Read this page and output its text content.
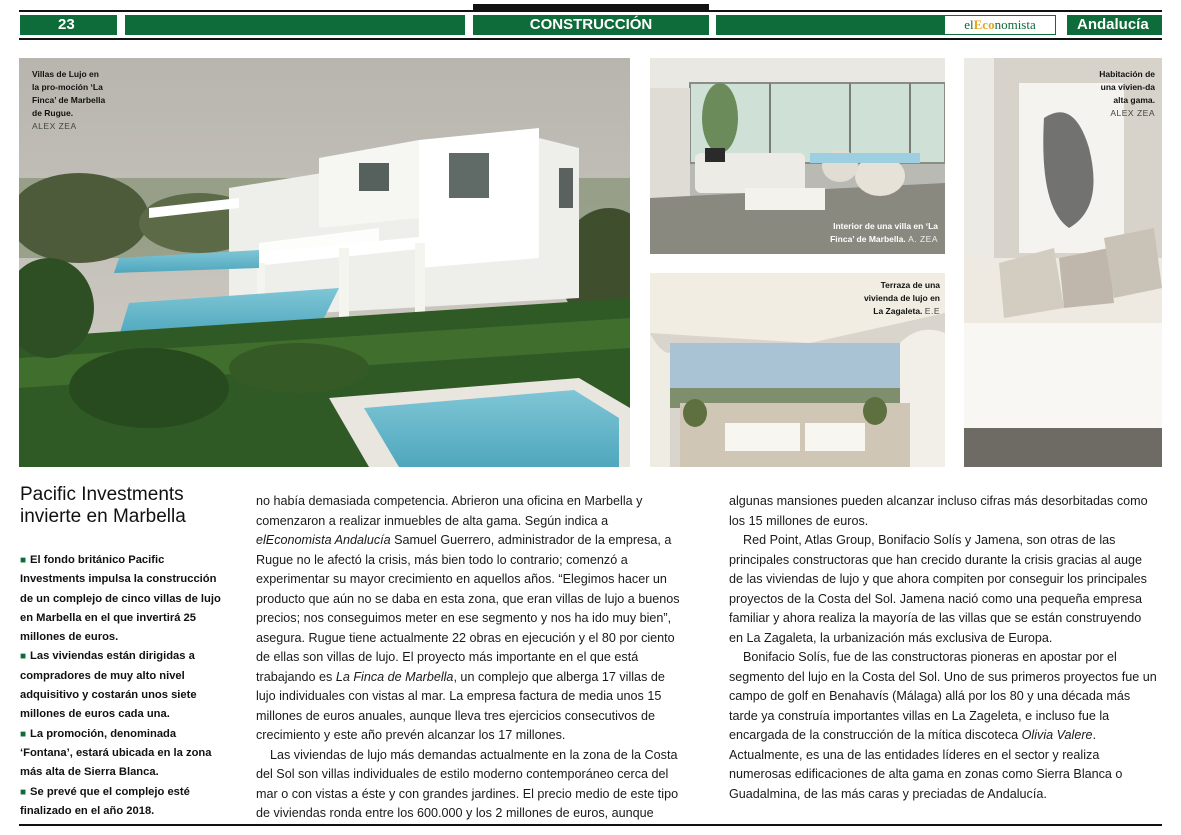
23	CONSTRUCCIÓN	elEconomista	Andalucía
Villas de Lujo en la pro-moción ‘La Finca’ de Marbella de Rugue.
ALEX ZEA
Interior de una villa en ‘La Finca’ de Marbella. A. ZEA
Terraza de una vivienda de lujo en La Zagaleta. E.E
Habitación de una vivien-da alta gama.
ALEX ZEA
Pacific Investments invierte en Marbella

■ El fondo británico Pacific Investments impulsa la construcción de un complejo de cinco villas de lujo en Marbella en el que invertirá 25 millones de euros.

■ Las viviendas están dirigidas a compradores de muy alto nivel adquisitivo y costarán unos siete millones de euros cada una.

■ La promoción, denominada ‘Fontana’, estará ubicada en la zona más alta de Sierra Blanca.

■ Se prevé que el complejo esté finalizado en el año 2018.

no había demasiada competencia. Abrieron una oficina en Marbella y comenzaron a realizar inmuebles de alta gama. Según indica a elEconomista Andalucía Samuel Guerrero, administrador de la empresa, a Rugue no le afectó la crisis, más bien todo lo contrario; comenzó a experimentar su mayor crecimiento en aquellos años. “Elegimos hacer un producto que aún no se daba en esta zona, que eran villas de lujo a buenos precios; nos conseguimos meter en ese segmento y nos ha ido muy bien”, asegura. Rugue tiene actualmente 22 obras en ejecución y el 80 por ciento de ellas son villas de lujo. El proyecto más importante en el que está trabajando es La Finca de Marbella, un complejo que alberga 17 villas de lujo individuales con vistas al mar. La empresa factura de media unos 15 millones de euros anuales, aunque lleva tres ejercicios consecutivos de crecimiento y este año prevén alcanzar los 17 millones.

Las viviendas de lujo más demandas actualmente en la zona de la Costa del Sol son villas individuales de estilo moderno contemporáneo cerca del mar o con vistas a éste y con grandes jardines. El precio medio de este tipo de viviendas ronda entre los 600.000 y los 2 millones de euros, aunque

algunas mansiones pueden alcanzar incluso cifras más desorbitadas como los 15 millones de euros.

Red Point, Atlas Group, Bonifacio Solís y Jamena, son otras de las principales constructoras que han crecido durante la crisis gracias al auge de las viviendas de lujo y que ahora compiten por conseguir los principales proyectos de la Costa del Sol. Jamena nació como una pequeña empresa familiar y ahora realiza la mayoría de las villas que se están construyendo en La Zagaleta, la urbanización más exclusiva de Europa.

Bonifacio Solís, fue de las constructoras pioneras en apostar por el segmento del lujo en la Costa del Sol. Uno de sus primeros proyectos fue un campo de golf en Benahavís (Málaga) allá por los 80 y una década más tarde ya construía importantes villas en La Zageleta, e incluso fue la encargada de la construcción de la mítica discoteca Olivia Valere. Actualmente, es una de las entidades líderes en el sector y realiza numerosas edificaciones de alta gama en zonas como Sierra Blanca o Guadalmina, de las más caras y preciadas de Andalucía.
